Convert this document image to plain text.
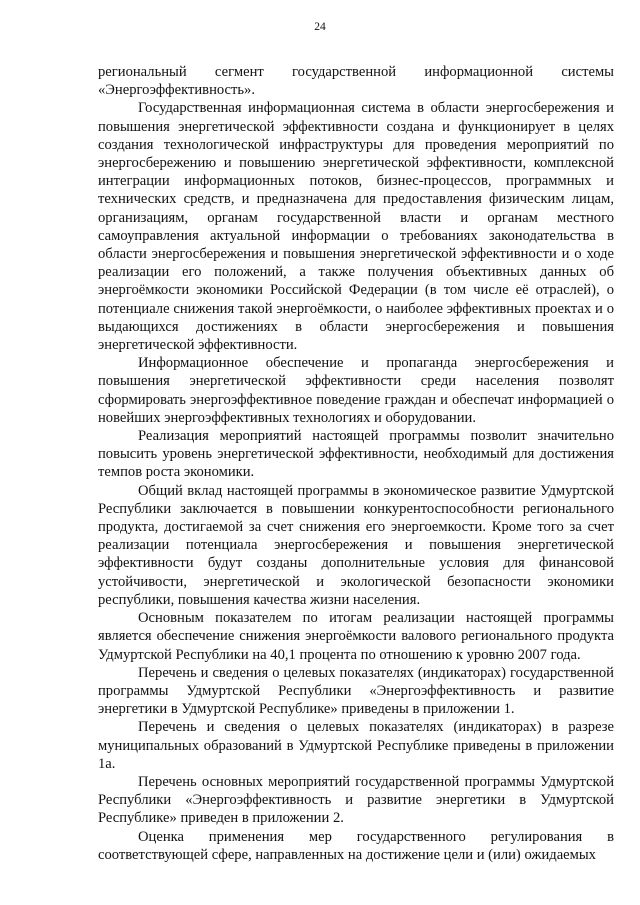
24

региональный сегмент государственной информационной системы «Энергоэффективность».

Государственная информационная система в области энергосбережения и повышения энергетической эффективности создана и функционирует в целях создания технологической инфраструктуры для проведения мероприятий по энергосбережению и повышению энергетической эффективности, комплексной интеграции информационных потоков, бизнес-процессов, программных и технических средств, и предназначена для предоставления физическим лицам, организациям, органам государственной власти и органам местного самоуправления актуальной информации о требованиях законодательства в области энергосбережения и повышения энергетической эффективности и о ходе реализации его положений, а также получения объективных данных об энергоёмкости экономики Российской Федерации (в том числе её отраслей), о потенциале снижения такой энергоёмкости, о наиболее эффективных проектах и о выдающихся достижениях в области энергосбережения и повышения энергетической эффективности.

Информационное обеспечение и пропаганда энергосбережения и повышения энергетической эффективности среди населения позволят сформировать энергоэффективное поведение граждан и обеспечат информацией о новейших энергоэффективных технологиях и оборудовании.

Реализация мероприятий настоящей программы позволит значительно повысить уровень энергетической эффективности, необходимый для достижения темпов роста экономики.

Общий вклад настоящей программы в экономическое развитие Удмуртской Республики заключается в повышении конкурентоспособности регионального продукта, достигаемой за счет снижения его энергоемкости. Кроме того за счет реализации потенциала энергосбережения и повышения энергетической эффективности будут созданы дополнительные условия для финансовой устойчивости, энергетической и экологической безопасности экономики республики, повышения качества жизни населения.

Основным показателем по итогам реализации настоящей программы является обеспечение снижения энергоёмкости валового регионального продукта Удмуртской Республики на 40,1 процента по отношению к уровню 2007 года.

Перечень и сведения о целевых показателях (индикаторах) государственной программы Удмуртской Республики «Энергоэффективность и развитие энергетики в Удмуртской Республике» приведены в приложении 1.

Перечень и сведения о целевых показателях (индикаторах) в разрезе муниципальных образований в Удмуртской Республике приведены в приложении 1а.

Перечень основных мероприятий государственной программы Удмуртской Республики «Энергоэффективность и развитие энергетики в Удмуртской Республике» приведен в приложении 2.

Оценка применения мер государственного регулирования в соответствующей сфере, направленных на достижение цели и (или) ожидаемых
